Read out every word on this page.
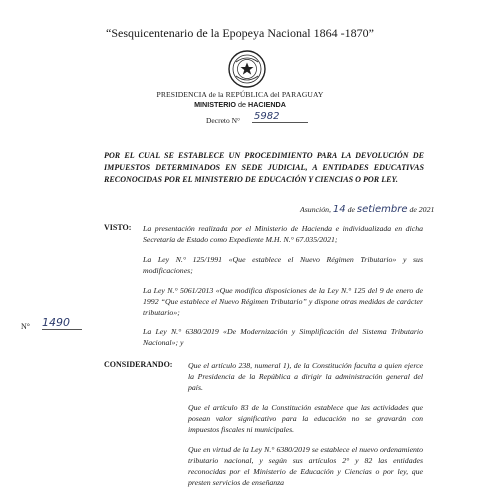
“Sesquicentenario de la Epopeya Nacional 1864 -1870”
PRESIDENCIA de la REPÚBLICA del PARAGUAY
MINISTERIO de HACIENDA
Decreto N° 5982
POR EL CUAL SE ESTABLECE UN PROCEDIMIENTO PARA LA DEVOLUCIÓN DE IMPUESTOS DETERMINADOS EN SEDE JUDICIAL, A ENTIDADES EDUCATIVAS RECONOCIDAS POR EL MINISTERIO DE EDUCACIÓN Y CIENCIAS O POR LEY.
Asunción, 14 de setiembre de 2021
VISTO: La presentación realizada por el Ministerio de Hacienda e individualizada en dicha Secretaría de Estado como Expediente M.H. N.° 67.035/2021;
La Ley N.° 125/1991 «Que establece el Nuevo Régimen Tributario» y sus modificaciones;
La Ley N.° 5061/2013 «Que modifica disposiciones de la Ley N.° 125 del 9 de enero de 1992 “Que establece el Nuevo Régimen Tributario” y dispone otras medidas de carácter tributario»;
La Ley N.° 6380/2019 «De Modernización y Simplificación del Sistema Tributario Nacional»; y
N° 1490
CONSIDERANDO: Que el artículo 238, numeral 1), de la Constitución faculta a quien ejerce la Presidencia de la República a dirigir la administración general del país.
Que el artículo 83 de la Constitución establece que las actividades que posean valor significativo para la educación no se gravarán con impuestos fiscales ni municipales.
Que en virtud de la Ley N.° 6380/2019 se establece el nuevo ordenamiento tributario nacional, y según sus artículos 2° y 82 las entidades reconocidas por el Ministerio de Educación y Ciencias o por ley, que presten servicios de enseñanza
